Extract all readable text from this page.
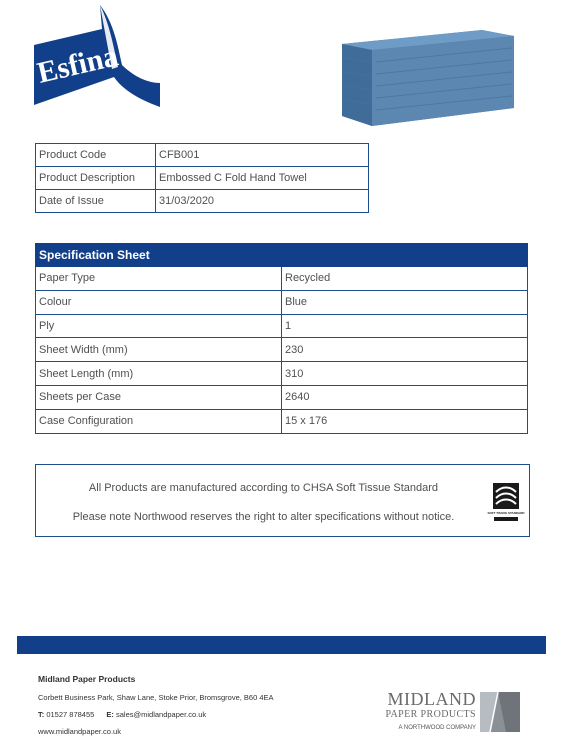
Esfina
Product Code	CFB001
Product Description	Embossed C Fold Hand Towel
Date of Issue	31/03/2020
Specification Sheet	
Paper Type	Recycled
Colour	Blue
Ply	1
Sheet Width (mm)	230
Sheet Length (mm)	310
Sheets per Case	2640
Case Configuration	15 x 176
All Products are manufactured according to CHSA Soft Tissue Standard
Please note Northwood reserves the right to alter specifications without notice.	SOFT TISSUE STANDARD
Midland Paper Products
Corbett Business Park, Shaw Lane, Stoke Prior, Bromsgrove, B60 4EA
T: 01527 878455 E: sales@midlandpaper.co.uk
www.midlandpaper.co.uk
MIDLAND
PAPER PRODUCTS
A NORTHWOOD COMPANY
